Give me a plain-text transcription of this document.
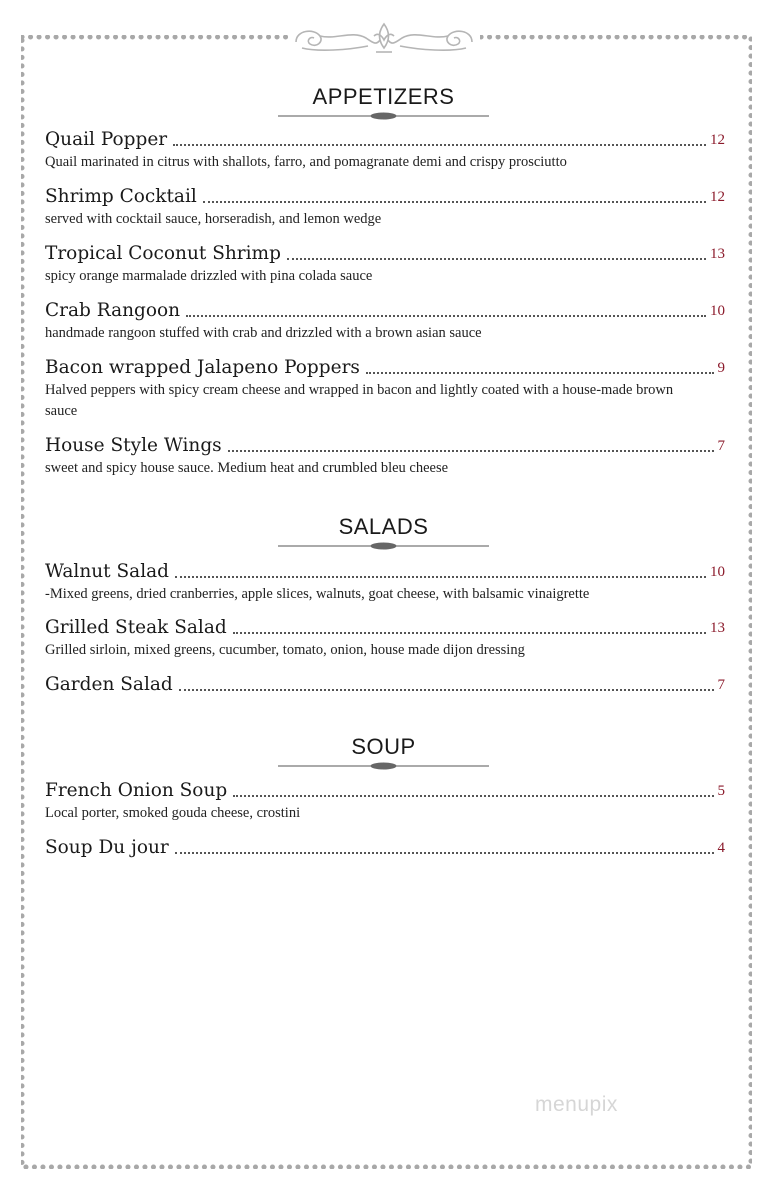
APPETIZERS
Quail Popper	12
Quail marinated in citrus with shallots, farro, and pomagranate demi and crispy prosciutto
Shrimp Cocktail	12
served with cocktail sauce, horseradish, and lemon wedge
Tropical Coconut Shrimp	13
spicy orange marmalade drizzled with pina colada sauce
Crab Rangoon	10
handmade rangoon stuffed with crab and drizzled with a brown asian sauce
Bacon wrapped Jalapeno Poppers	9
Halved peppers with spicy cream cheese and wrapped in bacon and lightly coated with a house-made brown sauce
House Style Wings	7
sweet and spicy house sauce. Medium heat and crumbled bleu cheese
SALADS
Walnut Salad	10
-Mixed greens, dried cranberries, apple slices, walnuts, goat cheese, with balsamic vinaigrette
Grilled Steak Salad	13
Grilled sirloin, mixed greens, cucumber, tomato, onion, house made dijon dressing
Garden Salad	7
SOUP
French Onion Soup	5
Local porter, smoked gouda cheese, crostini
Soup Du jour	4
menupix
